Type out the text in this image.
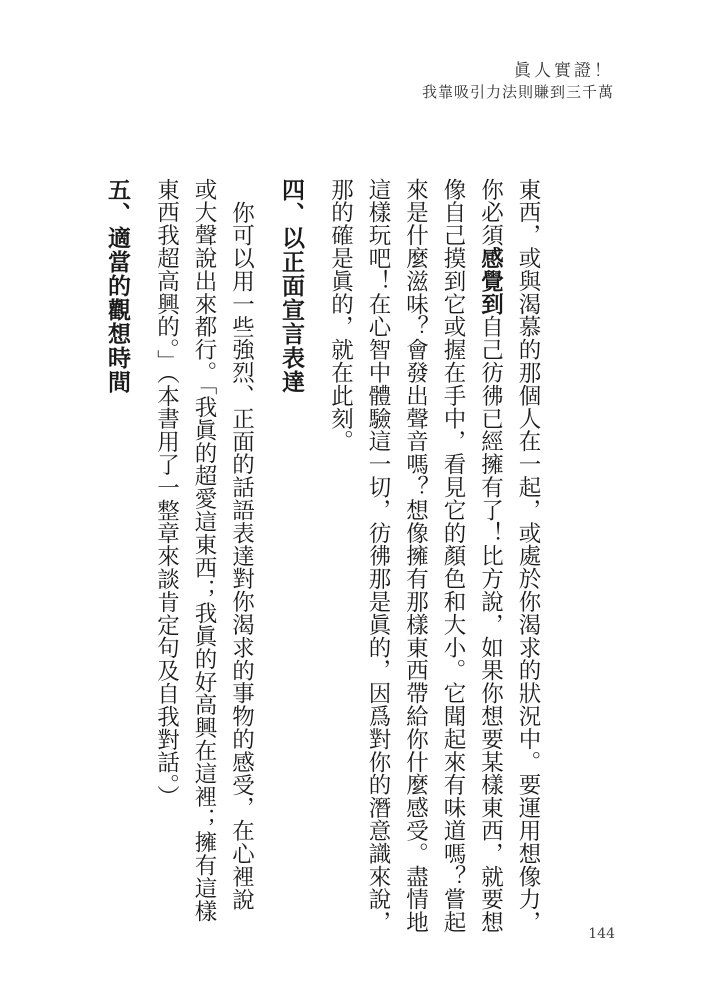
眞人實證！
我靠吸引力法則賺到三千萬
東西，或與渴慕的那個人在一起，或處於你渴求的狀況中。要運用想像力，
你必須感覺到自己彷彿已經擁有了！比方說，如果你想要某樣東西，就要想
像自己摸到它或握在手中，看見它的顏色和大小。它聞起來有味道嗎？嘗起
來是什麼滋味？會發出聲音嗎？想像擁有那樣東西帶給你什麼感受。盡情地
這樣玩吧！在心智中體驗這一切，彷彿那是眞的，因爲對你的潛意識來說，
那的確是眞的，就在此刻。
四、以正面宣言表達
你可以用一些強烈、正面的話語表達對你渴求的事物的感受，在心裡說
或大聲說出來都行。「我眞的超愛這東西；我眞的好高興在這裡；擁有這樣
東西我超高興的。」（本書用了一整章來談肯定句及自我對話。）
五、適當的觀想時間
144
